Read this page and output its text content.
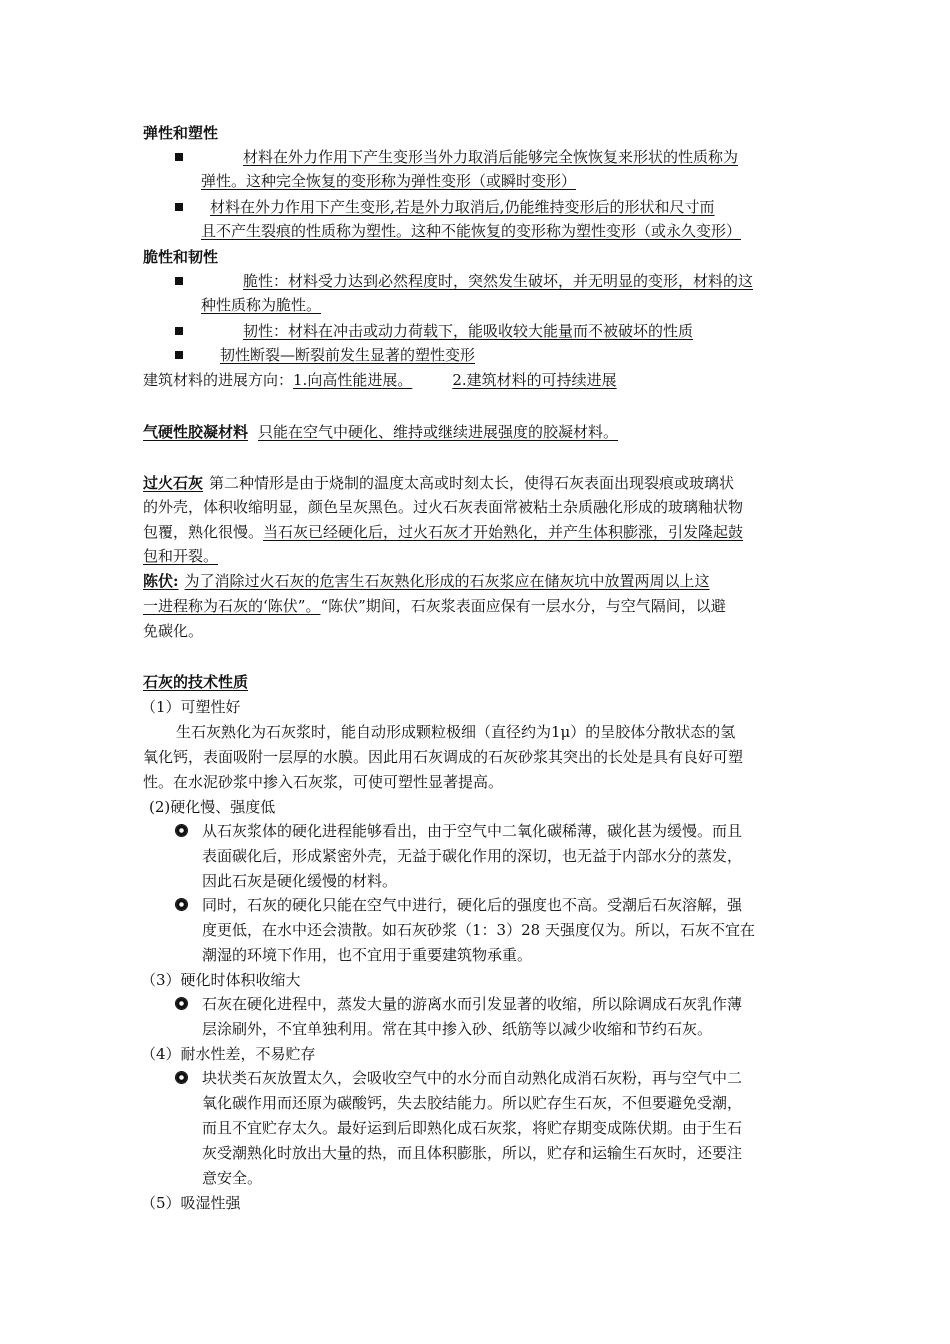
弹性和塑性
材料在外力作用下产生变形当外力取消后能够完全恢恢复来形状的性质称为
弹性。这种完全恢复的变形称为弹性变形（或瞬时变形）
材料在外力作用下产生变形,若是外力取消后,仍能维持变形后的形状和尺寸而
且不产生裂痕的性质称为塑性。这种不能恢复的变形称为塑性变形（或永久变形）
脆性和韧性
脆性：材料受力达到必然程度时，突然发生破坏，并无明显的变形，材料的这
种性质称为脆性。
韧性：材料在冲击或动力荷载下，能吸收较大能量而不被破坏的性质
韧性断裂—断裂前发生显著的塑性变形
建筑材料的进展方向：1.向高性能进展。	2.建筑材料的可持续进展
气硬性胶凝材料 只能在空气中硬化、维持或继续进展强度的胶凝材料。
过火石灰 第二种情形是由于烧制的温度太高或时刻太长，使得石灰表面出现裂痕或玻璃状
的外壳，体积收缩明显，颜色呈灰黑色。过火石灰表面常被粘土杂质融化形成的玻璃釉状物
包覆，熟化很慢。当石灰已经硬化后，过火石灰才开始熟化，并产生体积膨涨，引发隆起鼓
包和开裂。
陈伏: 为了消除过火石灰的危害生石灰熟化形成的石灰浆应在储灰坑中放置两周以上这
一进程称为石灰的‘陈伏”。“陈伏”期间，石灰浆表面应保有一层水分，与空气隔间，以避
免碳化。
石灰的技术性质
（1）可塑性好
生石灰熟化为石灰浆时，能自动形成颗粒极细（直径约为1μ）的呈胶体分散状态的氢
氧化钙，表面吸附一层厚的水膜。因此用石灰调成的石灰砂浆其突出的长处是具有良好可塑
性。在水泥砂浆中掺入石灰浆，可使可塑性显著提高。
(2)硬化慢、强度低
从石灰浆体的硬化进程能够看出，由于空气中二氧化碳稀薄，碳化甚为缓慢。而且
表面碳化后，形成紧密外壳，无益于碳化作用的深切，也无益于内部水分的蒸发，
因此石灰是硬化缓慢的材料。
同时，石灰的硬化只能在空气中进行，硬化后的强度也不高。受潮后石灰溶解，强
度更低，在水中还会溃散。如石灰砂浆（1：3）28 天强度仅为。所以，石灰不宜在
潮湿的环境下作用，也不宜用于重要建筑物承重。
（3）硬化时体积收缩大
石灰在硬化进程中，蒸发大量的游离水而引发显著的收缩，所以除调成石灰乳作薄
层涂刷外，不宜单独利用。常在其中掺入砂、纸筋等以减少收缩和节约石灰。
（4）耐水性差，不易贮存
块状类石灰放置太久，会吸收空气中的水分而自动熟化成消石灰粉，再与空气中二
氧化碳作用而还原为碳酸钙，失去胶结能力。所以贮存生石灰，不但要避免受潮，
而且不宜贮存太久。最好运到后即熟化成石灰浆，将贮存期变成陈伏期。由于生石
灰受潮熟化时放出大量的热，而且体积膨胀，所以，贮存和运输生石灰时，还要注
意安全。
（5）吸湿性强
